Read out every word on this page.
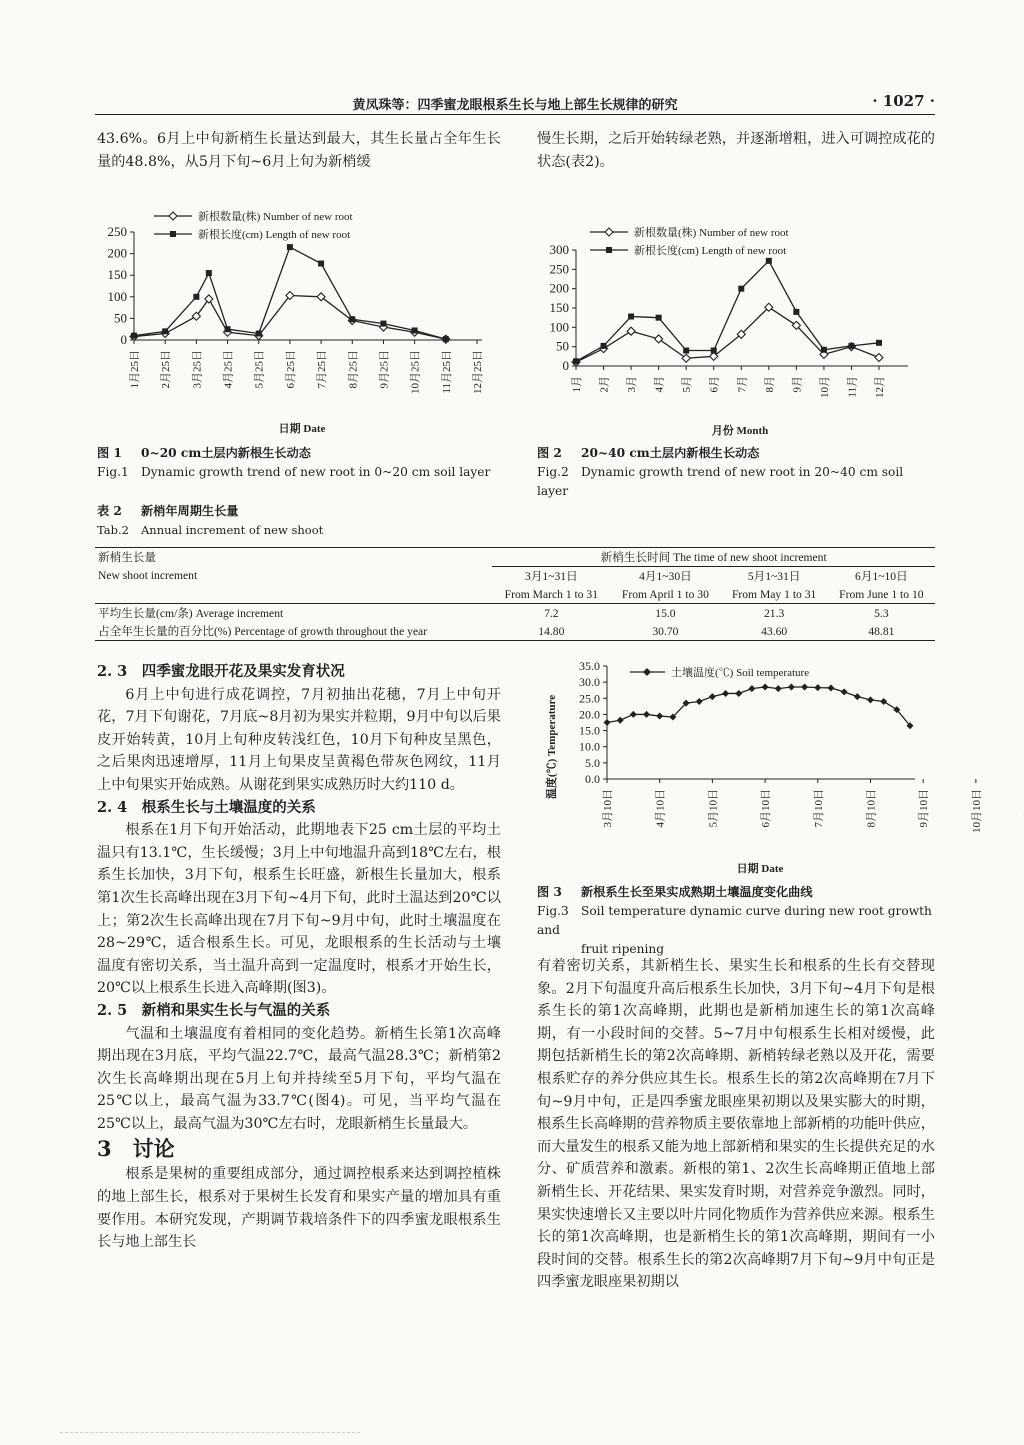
黄凤珠等：四季蜜龙眼根系生长与地上部生长规律的研究	· 1027 ·
43.6%。6月上中旬新梢生长量达到最大，其生长量占全年生长量的48.8%，从5月下旬~6月上旬为新梢缓
慢生长期，之后开始转绿老熟，并逐渐增粗，进入可调控成花的状态(表2)。
新根数量(株) Number of new root
新根长度(cm) Length of new root
0
50
100
150
200
250
1月25日 2月25日 3月25日 4月25日 5月25日 6月25日 7月25日 8月25日 9月25日 10月25日 11月25日 12月25日
日期 Date
图 1 0~20 cm土层内新根生长动态
Fig.1 Dynamic growth trend of new root in 0~20 cm soil layer
新根数量(株) Number of new root
新根长度(cm) Length of new root
0
50
100
150
200
250
300
1月 2月 3月 4月 5月 6月 7月 8月 9月 10月 11月 12月
月份 Month
图 2 20~40 cm土层内新根生长动态
Fig.2 Dynamic growth trend of new root in 20~40 cm soil layer
表 2 新梢年周期生长量
Tab.2 Annual increment of new shoot
新梢生长量	新梢生长时间 The time of new shoot increment			
New shoot increment	3月1~31日	4月1~30日	5月1~31日	6月1~10日
	From March 1 to 31	From April 1 to 30	From May 1 to 31	From June 1 to 10
平均生长量(cm/条) Average increment	7.2	15.0	21.3	5.3
占全年生长量的百分比(%) Percentage of growth throughout the year	14.80	30.70	43.60	48.81
2. 3　四季蜜龙眼开花及果实发育状况

6月上中旬进行成花调控，7月初抽出花穗，7月上中旬开花，7月下旬谢花，7月底~8月初为果实并粒期，9月中旬以后果皮开始转黄，10月上旬种皮转浅红色，10月下旬种皮呈黑色，之后果肉迅速增厚，11月上旬果皮呈黄褐色带灰色网纹，11月上中旬果实开始成熟。从谢花到果实成熟历时大约110 d。

2. 4　根系生长与土壤温度的关系

根系在1月下旬开始活动，此期地表下25 cm土层的平均土温只有13.1℃，生长缓慢；3月上中旬地温升高到18℃左右，根系生长加快，3月下旬，根系生长旺盛，新根生长量加大，根系第1次生长高峰出现在3月下旬~4月下旬，此时土温达到20℃以上；第2次生长高峰出现在7月下旬~9月中旬，此时土壤温度在28~29℃，适合根系生长。可见，龙眼根系的生长活动与土壤温度有密切关系，当土温升高到一定温度时，根系才开始生长，20℃以上根系生长进入高峰期(图3)。

2. 5　新梢和果实生长与气温的关系

气温和土壤温度有着相同的变化趋势。新梢生长第1次高峰期出现在3月底，平均气温22.7℃，最高气温28.3℃；新梢第2次生长高峰期出现在5月上旬并持续至5月下旬，平均气温在25℃以上，最高气温为33.7℃(图4)。可见，当平均气温在25℃以上，最高气温为30℃左右时，龙眼新梢生长量最大。

3　讨论

根系是果树的重要组成部分，通过调控根系来达到调控植株的地上部生长，根系对于果树生长发育和果实产量的增加具有重要作用。本研究发现，产期调节栽培条件下的四季蜜龙眼根系生长与地上部生长

土壤温度(℃) Soil temperature
温度(℃) Temperature 0.0
5.0
10.0
15.0
20.0
25.0
30.0
35.0
3月10日	4月10日	5月10日	6月10日	7月10日	8月10日	9月10日	10月10日
日期 Date
图 3 新根系生长至果实成熟期土壤温度变化曲线
Fig.3 Soil temperature dynamic curve during new root growth and
fruit ripening
有着密切关系，其新梢生长、果实生长和根系的生长有交替现象。2月下旬温度升高后根系生长加快，3月下旬~4月下旬是根系生长的第1次高峰期，此期也是新梢加速生长的第1次高峰期，有一小段时间的交替。5~7月中旬根系生长相对缓慢，此期包括新梢生长的第2次高峰期、新梢转绿老熟以及开花，需要根系贮存的养分供应其生长。根系生长的第2次高峰期在7月下旬~9月中旬，正是四季蜜龙眼座果初期以及果实膨大的时期，根系生长高峰期的营养物质主要依靠地上部新梢的功能叶供应，而大量发生的根系又能为地上部新梢和果实的生长提供充足的水分、矿质营养和激素。新根的第1、2次生长高峰期正值地上部新梢生长、开花结果、果实发育时期，对营养竞争激烈。同时，果实快速增长又主要以叶片同化物质作为营养供应来源。根系生长的第1次高峰期，也是新梢生长的第1次高峰期，期间有一小段时间的交替。根系生长的第2次高峰期7月下旬~9月中旬正是四季蜜龙眼座果初期以
